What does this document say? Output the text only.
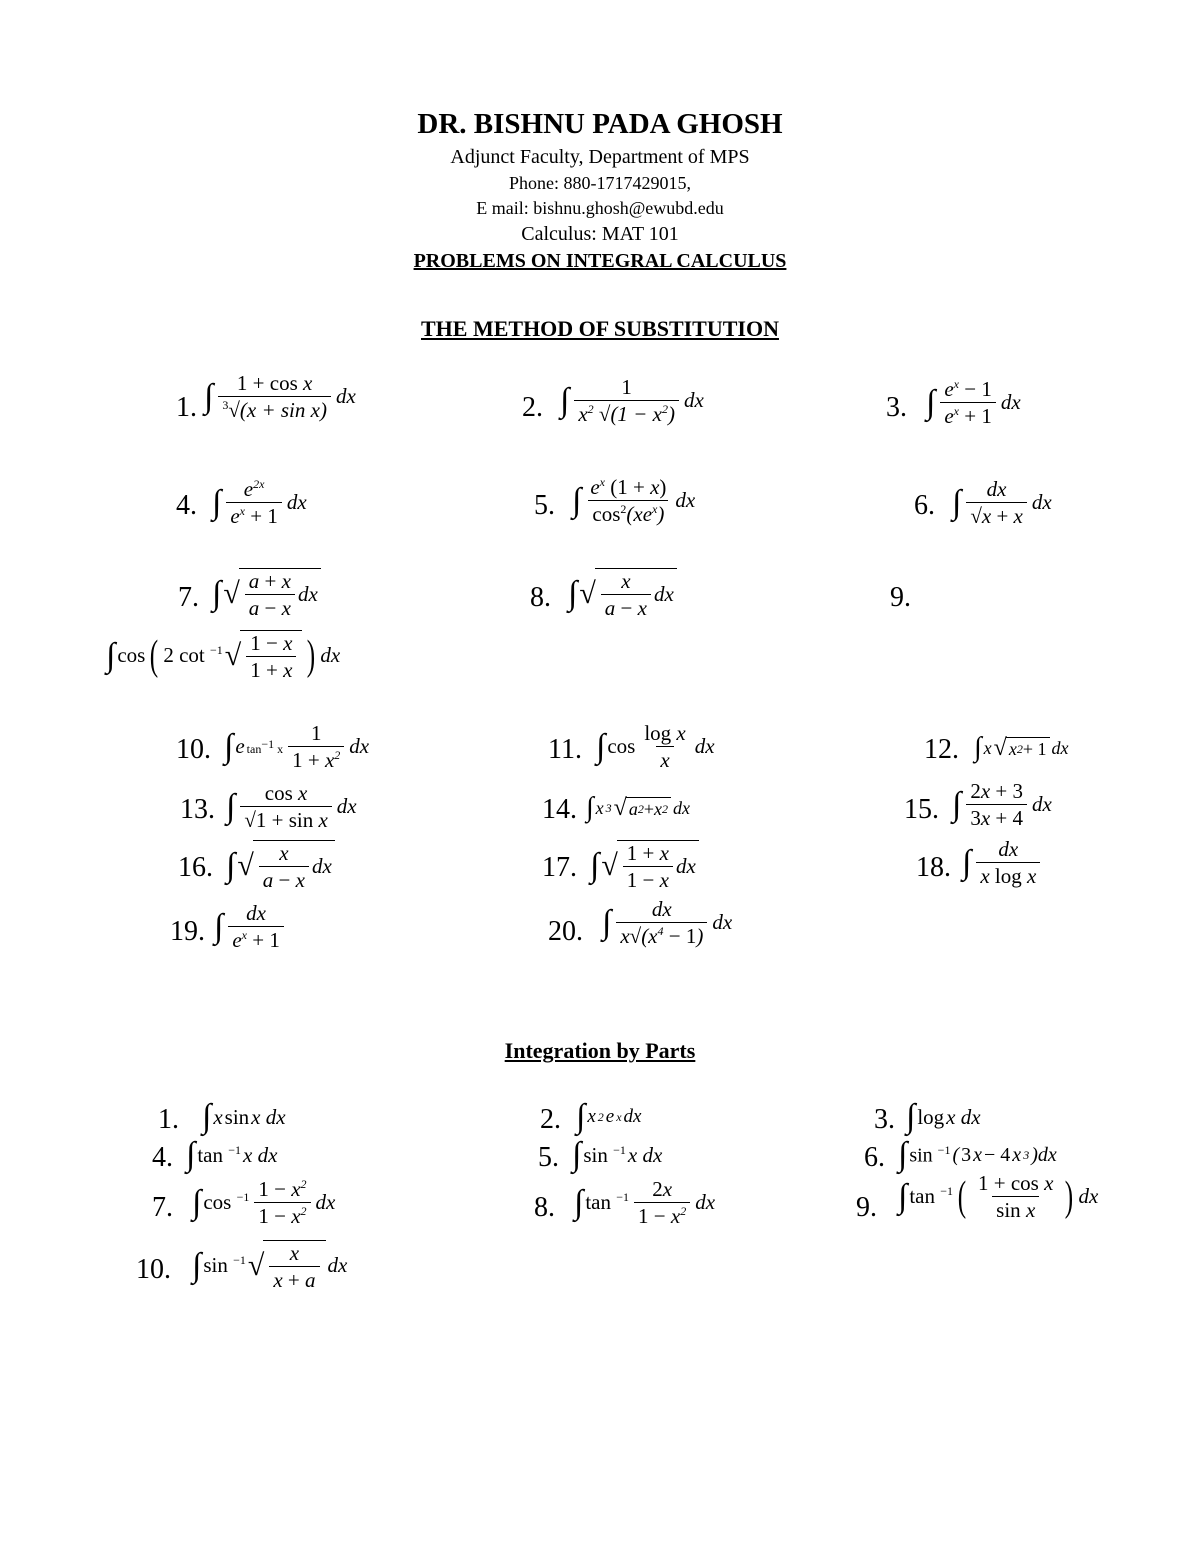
DR. BISHNU PADA GHOSH
Adjunct Faculty, Department of MPS
Phone: 880-1717429015,
E mail: bishnu.ghosh@ewubd.edu
Calculus: MAT 101
PROBLEMS ON INTEGRAL CALCULUS
THE METHOD OF SUBSTITUTION
1.	2.	3.
4.	5.	6.
7.	8.	9.
10.	11.	12.
13.	14.	15.
16.	17.	18.
19.	20.
∫ 1 + cos x
$^3$√(x + sin x)
dx	∫ 1
$x^2$ $√(1 - x^2)$
dx	∫ $e^x - 1$
$e^x + 1$
dx
∫ $e^{2x}$
$e^x + 1$
dx	∫ $e^x$ (1 + x)
$\cos^2(xe^x)$
dx	∫ dx
√x + x
dx
∫ √ a + x
a − x
dx	∫ √ x
a − x
dx
∫ cos ( 2 cot $^{-1}$ √ 1 − x
1 + x ) dx
∫ e $\tan^{-1} x$
1
$1 + x^2$ dx	∫ cos
log x
x
dx	∫ x √ x 2 + 1 dx
∫ cos x
√1 + sin x
dx	∫ x 3 √ a 2 + x 2 dx	∫ 2x + 3
3x + 4
dx
∫ √ x
a − x
dx	∫ √ 1 + x
1 − x
dx	∫ dx
x log x
∫ dx
$e^x + 1$	∫ dx
$x√(x^4 - 1)$
dx
Integration by Parts
1.	2.	3.
4.	5.	6.
7.	8.	9.
10.
∫ x sin x dx	∫ x 2 e x dx	∫ log x dx
∫ tan $^{-1}$ x dx	∫ sin $^{-1}$ x dx	∫ sin $^{-1}$ ( 3 x − 4 x 3 )dx
∫ cos $^{-1}$ $1 - x^2$
$1 - x^2$ dx	∫ tan $^{-1}$ 2x
$1 - x^2$ dx	∫ tan $^{-1}$ ( 1 + cos x
sin x ) dx
∫ sin $^{-1}$ √ x
x + a
dx
